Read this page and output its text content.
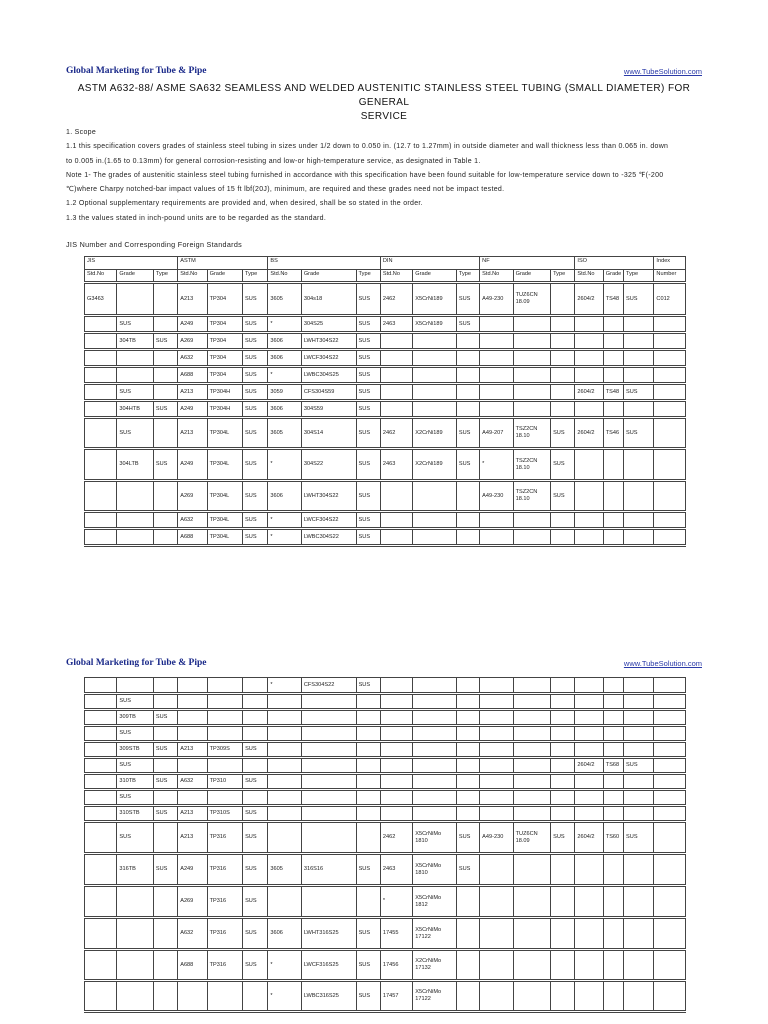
Global Marketing for Tube & Pipe	www.TubeSolution.com
ASTM A632-88/ ASME SA632 SEAMLESS AND WELDED AUSTENITIC STAINLESS STEEL TUBING (SMALL DIAMETER) FOR GENERAL
SERVICE

1. Scope

1.1 this specification covers grades of stainless steel tubing in sizes under 1/2 down to 0.050 in. (12.7 to 1.27mm) in outside diameter and wall thickness less than 0.065 in. down

to 0.005 in.(1.65 to 0.13mm) for general corrosion-resisting and low-or high-temperature service, as designated in Table 1.

Note 1- The grades of austenitic stainless steel tubing furnished in accordance with this specification have been found suitable for low-temperature service down to -325 ℉(-200

℃)where Charpy notched-bar impact values of 15 ft lbf(20J), minimum, are required and these grades need not be impact tested.

1.2 Optional supplementary requirements are provided and, when desired, shall be so stated in the order.

1.3 the values stated in inch-pound units are to be regarded as the standard.

JIS Number and Corresponding Foreign Standards
JIS			ASTM			BS			DIN			NF			ISO			Index
Std.No	Grade	Type	Std.No	Grade	Type	Std.No	Grade	Type	Std.No	Grade	Type	Std.No	Grade	Type	Std.No	Grade	Type	Number
G3463			A213	TP304	SUS	3605	304s18	SUS	2462	X5CrNi189	SUS	A49-230	TUZ6CN 18.09		2604/2	TS48	SUS	C012
	SUS		A249	TP304	SUS	*	304S25	SUS	2463	X5CrNi189	SUS							
	304TB	SUS	A269	TP304	SUS	3606	LWHT304S22	SUS										
			A632	TP304	SUS	3606	LWCF304S22	SUS										
			A688	TP304	SUS	*	LWBC304S25	SUS										
	SUS		A213	TP304H	SUS	3059	CFS304S59	SUS							2604/2	TS48	SUS	
	304HTB	SUS	A249	TP304H	SUS	3606	304S59	SUS										
	SUS		A213	TP304L	SUS	3605	304S14	SUS	2462	X2CrNi189	SUS	A49-207	TSZ2CN 18.10	SUS	2604/2	TS46	SUS	
	304LTB	SUS	A249	TP304L	SUS	*	304S22	SUS	2463	X2CrNi189	SUS	*	TSZ2CN 18.10	SUS				
			A269	TP304L	SUS	3606	LWHT304S22	SUS				A49-230	TSZ2CN 18.10	SUS				
			A632	TP304L	SUS	*	LWCF304S22	SUS										
			A688	TP304L	SUS	*	LWBC304S22	SUS										
Global Marketing for Tube & Pipe	www.TubeSolution.com
						*	CFS304S22	SUS										
	SUS																	
	309TB	SUS																
	SUS																	
	309STB	SUS	A213	TP309S	SUS													
	SUS														2604/2	TS68	SUS	
	310TB	SUS	A632	TP310	SUS													
	SUS																	
	310STB	SUS	A213	TP310S	SUS													
	SUS		A213	TP316	SUS				2462	X5CrNiMo 1810	SUS	A49-230	TUZ6CN 18.09	SUS	2604/2	TS60	SUS	
	316TB	SUS	A249	TP316	SUS	3605	316S16	SUS	2463	X5CrNiMo 1810	SUS							
			A269	TP316	SUS				*	X5CrNiMo 1812								
			A632	TP316	SUS	3606	LWHT316S25	SUS	17455	X5CrNiMo 17122								
			A688	TP316	SUS	*	LWCF316S25	SUS	17456	X2CrNiMo 17132								
						*	LWBC316S25	SUS	17457	X5CrNiMo 17122								
